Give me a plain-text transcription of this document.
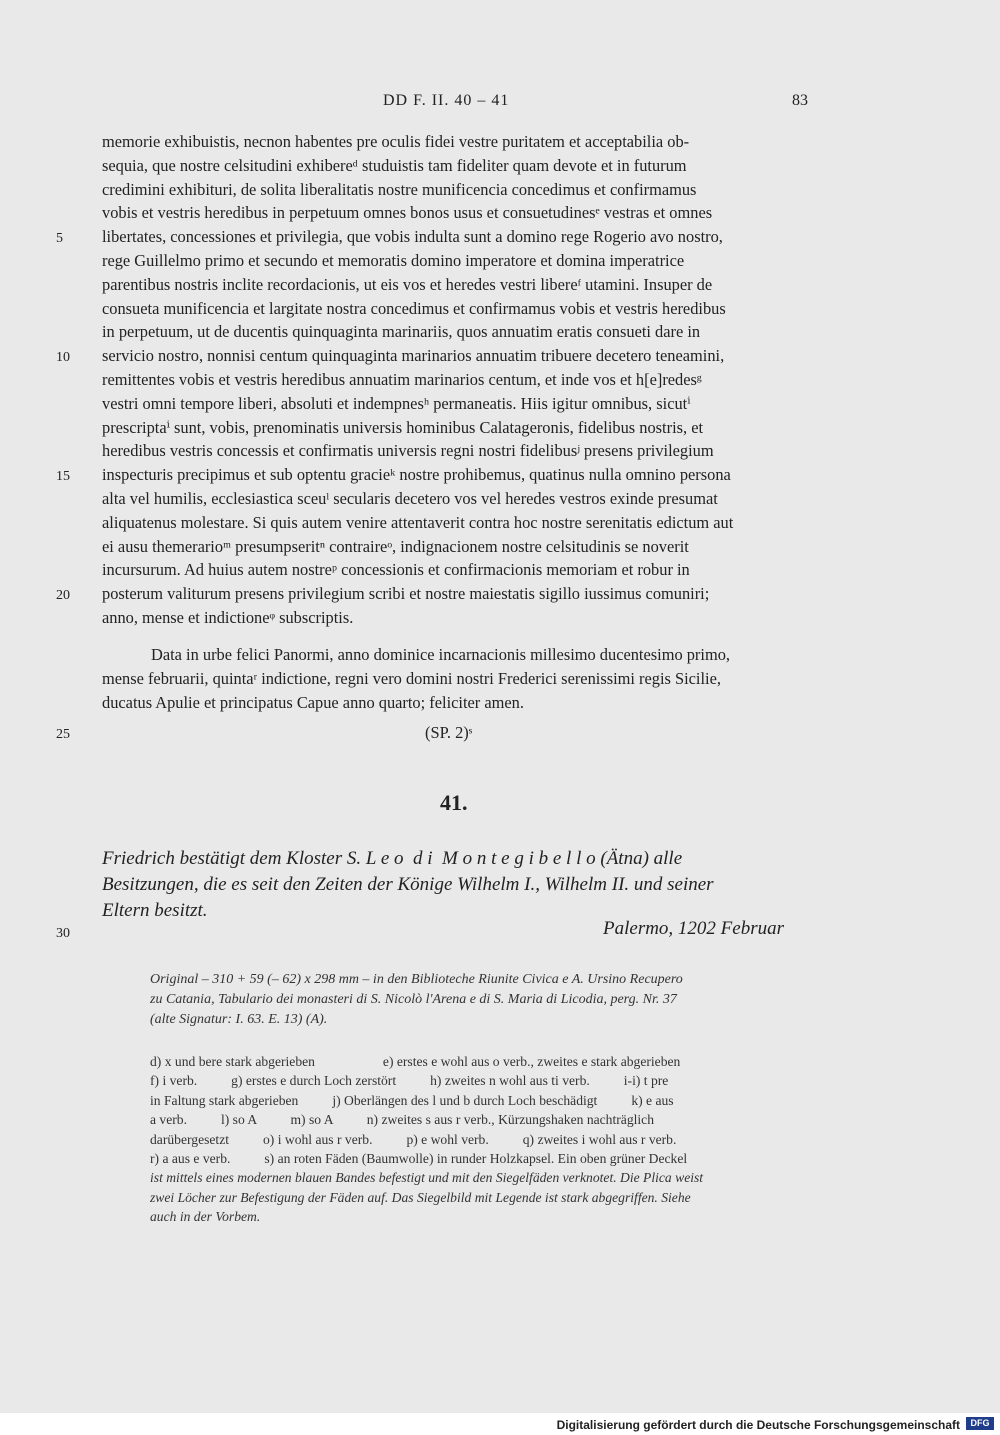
DD F. II. 40 – 41	83
memorie exhibuistis, necnon habentes pre oculis fidei vestre puritatem et acceptabilia ob-
sequia, que nostre celsitudini exhibereᵈ studuistis tam fideliter quam devote et in futurum
credimini exhibituri, de solita liberalitatis nostre munificencia concedimus et confirmamus
vobis et vestris heredibus in perpetuum omnes bonos usus et consuetudinesᵉ vestras et omnes
libertates, concessiones et privilegia, que vobis indulta sunt a domino rege Rogerio avo nostro,
rege Guillelmo primo et secundo et memoratis domino imperatore et domina imperatrice
parentibus nostris inclite recordacionis, ut eis vos et heredes vestri libereᶠ utamini. Insuper de
consueta munificencia et largitate nostra concedimus et confirmamus vobis et vestris heredibus
in perpetuum, ut de ducentis quinquaginta marinariis, quos annuatim eratis consueti dare in
servicio nostro, nonnisi centum quinquaginta marinarios annuatim tribuere decetero teneamini,
remittentes vobis et vestris heredibus annuatim marinarios centum, et inde vos et h[e]redesᵍ
vestri omni tempore liberi, absoluti et indempnesʰ permaneatis. Hiis igitur omnibus, sicutⁱ
prescriptaⁱ sunt, vobis, prenominatis universis hominibus Calatageronis, fidelibus nostris, et
heredibus vestris concessis et confirmatis universis regni nostri fidelibusʲ presens privilegium
inspecturis precipimus et sub optentu gracieᵏ nostre prohibemus, quatinus nulla omnino persona
alta vel humilis, ecclesiastica sceuˡ secularis decetero vos vel heredes vestros exinde presumat
aliquatenus molestare. Si quis autem venire attentaverit contra hoc nostre serenitatis edictum aut
ei ausu themerarioᵐ presumpseritⁿ contraireᵒ, indignacionem nostre celsitudinis se noverit
incursurum. Ad huius autem nostreᵖ concessionis et confirmacionis memoriam et robur in
posterum valiturum presens privilegium scribi et nostre maiestatis sigillo iussimus comuniri;
anno, mense et indictioneᵠ subscriptis.
5
10
15
20
25
30
Data in urbe felici Panormi, anno dominice incarnacionis millesimo ducentesimo primo,
mense februarii, quintaʳ indictione, regni vero domini nostri Frederici serenissimi regis Sicilie,
ducatus Apulie et principatus Capue anno quarto; feliciter amen.
(SP. 2)ˢ
41.
Friedrich bestätigt dem Kloster S. L e o  d i  M o n t e g i b e l l o (Ätna) alle
Besitzungen, die es seit den Zeiten der Könige Wilhelm I., Wilhelm II. und seiner
Eltern besitzt.
Palermo, 1202 Februar
Original – 310 + 59 (– 62) x 298 mm – in den Biblioteche Riunite Civica e A. Ursino Recupero
zu Catania, Tabulario dei monasteri di S. Nicolò l'Arena e di S. Maria di Licodia, perg. Nr. 37
(alte Signatur: I. 63. E. 13) (A).
d) x und bere stark abgerieben                    e) erstes e wohl aus o verb., zweites e stark abgerieben
f) i verb.          g) erstes e durch Loch zerstört          h) zweites n wohl aus ti verb.          i-i) t pre
in Faltung stark abgerieben          j) Oberlängen des l und b durch Loch beschädigt          k) e aus
a verb.          l) so A          m) so A          n) zweites s aus r verb., Kürzungshaken nachträglich
darübergesetzt          o) i wohl aus r verb.          p) e wohl verb.          q) zweites i wohl aus r verb.
r) a aus e verb.          s) an roten Fäden (Baumwolle) in runder Holzkapsel. Ein oben grüner Deckel
ist mittels eines modernen blauen Bandes befestigt und mit den Siegelfäden verknotet. Die Plica weist
zwei Löcher zur Befestigung der Fäden auf. Das Siegelbild mit Legende ist stark abgegriffen. Siehe
auch in der Vorbem.
Digitalisierung gefördert durch die Deutsche Forschungsgemeinschaft	DFG
